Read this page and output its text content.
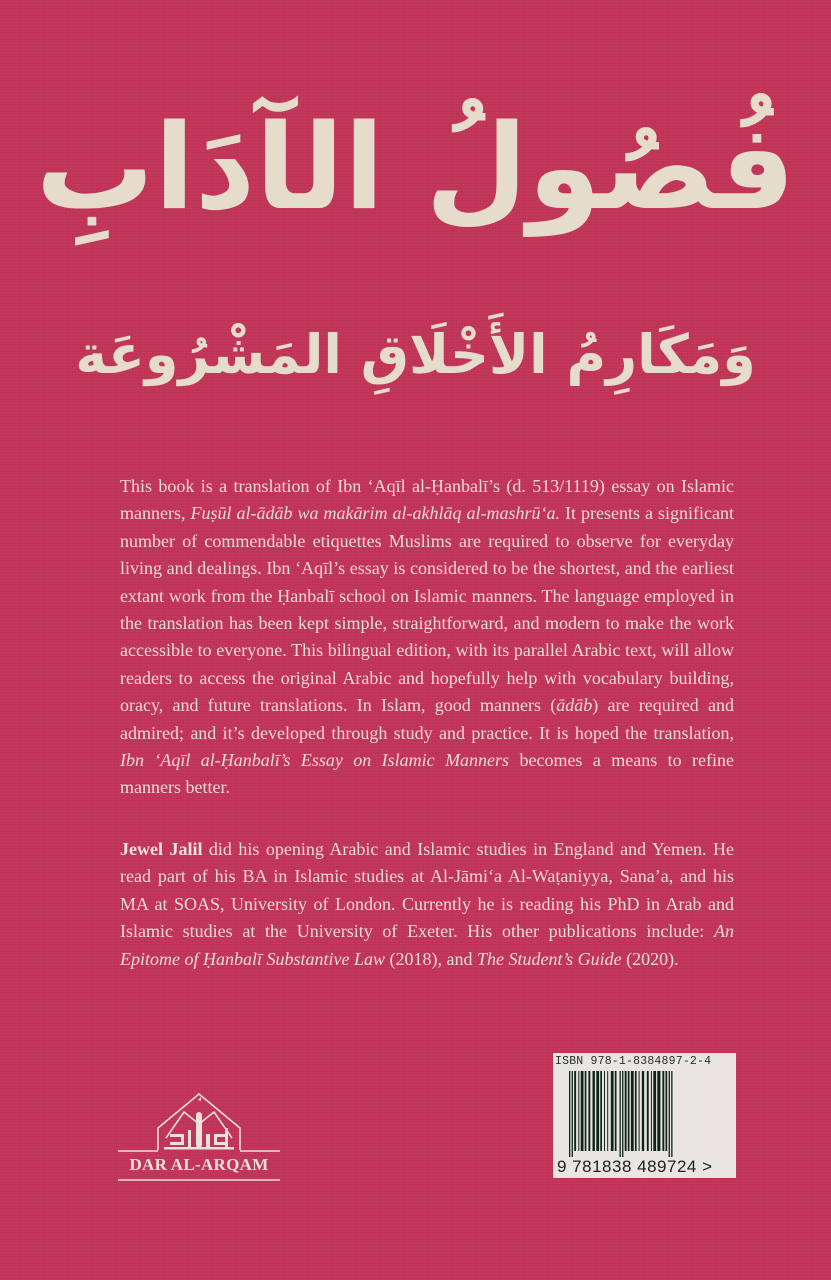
فُصُولُ الآدَابِ
وَمَكَارِمُ الأَخْلَاقِ المَشْرُوعَة

This book is a translation of Ibn ‘Aqīl al-Ḥanbalī’s (d. 513/1119) essay on Islamic manners, Fuṣūl al-ādāb wa makārim al-akhlāq al-mashrū‘a. It presents a significant number of commendable etiquettes Muslims are required to observe for everyday living and dealings. Ibn ‘Aqīl’s essay is considered to be the shortest, and the earliest extant work from the Ḥanbalī school on Islamic manners. The language employed in the translation has been kept simple, straightforward, and modern to make the work accessible to everyone. This bilingual edition, with its parallel Arabic text, will allow readers to access the original Arabic and hopefully help with vocabulary building, oracy, and future translations. In Islam, good manners (ādāb) are required and admired; and it’s developed through study and practice. It is hoped the translation, Ibn ‘Aqīl al-Ḥanbalī’s Essay on Islamic Manners becomes a means to refine manners better.

Jewel Jalil did his opening Arabic and Islamic studies in England and Yemen. He read part of his BA in Islamic studies at Al-Jāmi‘a Al-Waṭaniyya, Sana’a, and his MA at SOAS, University of London. Currently he is reading his PhD in Arab and Islamic studies at the University of Exeter. His other publications include: An Epitome of Ḥanbalī Substantive Law (2018), and The Student’s Guide (2020).

DAR AL-ARQAM
ISBN 978-1-8384897-2-4
9 781838 489724 >
